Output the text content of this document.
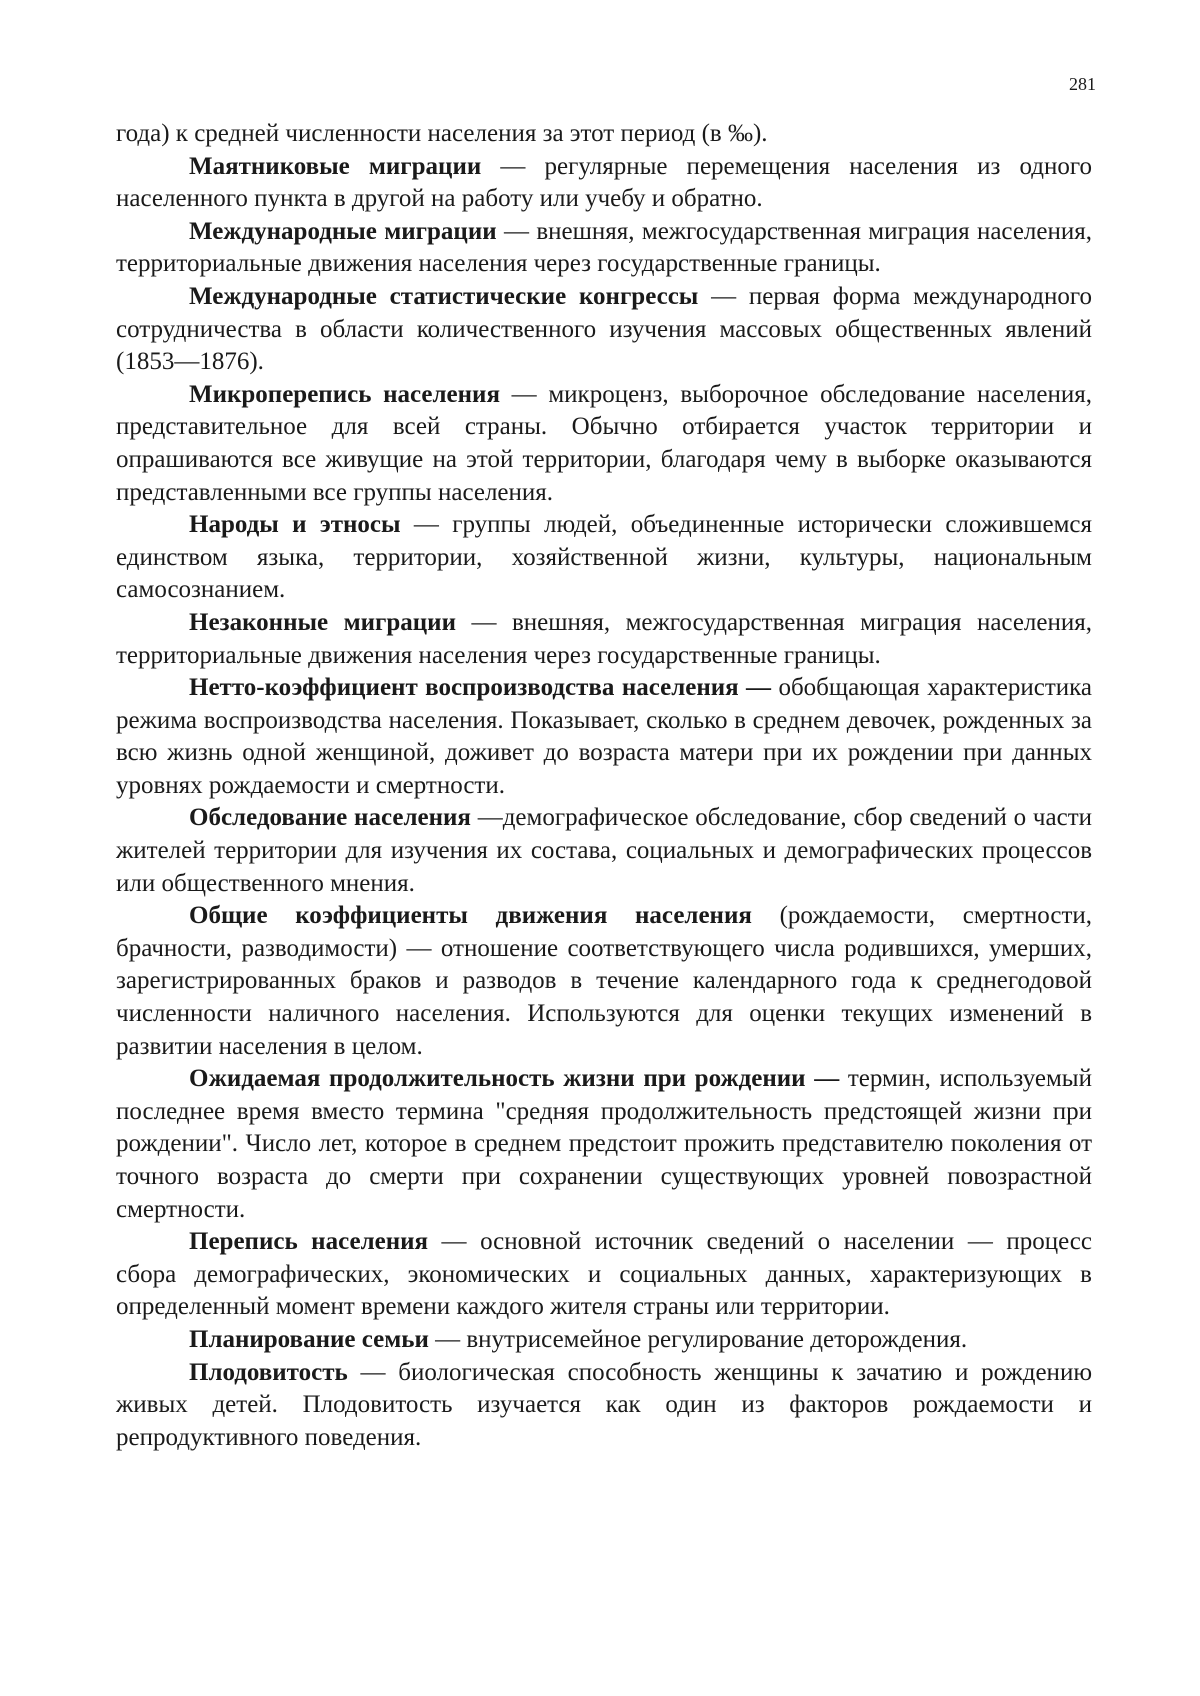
281

года) к средней численности населения за этот период (в ‰).

Маятниковые миграции — регулярные перемещения населения из одного населенного пункта в другой на работу или учебу и обратно.

Международные миграции — внешняя, межгосударственная миграция населения, территориальные движения населения через государственные границы.

Международные статистические конгрессы — первая форма международного сотрудничества в области количественного изучения массовых общественных явлений (1853—1876).

Микроперепись населения — микроценз, выборочное обследование населения, представительное для всей страны. Обычно отбирается участок территории и опрашиваются все живущие на этой территории, благодаря чему в выборке оказываются представленными все группы населения.

Народы и этносы — группы людей, объединенные исторически сложившемся единством языка, территории, хозяйственной жизни, культуры, национальным самосознанием.

Незаконные миграции — внешняя, межгосударственная миграция населения, территориальные движения населения через государственные границы.

Нетто-коэффициент воспроизводства населения — обобщающая характеристика режима воспроизводства населения. Показывает, сколько в среднем девочек, рожденных за всю жизнь одной женщиной, доживет до возраста матери при их рождении при данных уровнях рождаемости и смертности.

Обследование населения —демографическое обследование, сбор сведений о части жителей территории для изучения их состава, социальных и демографических процессов или общественного мнения.

Общие коэффициенты движения населения (рождаемости, смертности, брачности, разводимости) — отношение соответствующего числа родившихся, умерших, зарегистрированных браков и разводов в течение календарного года к среднегодовой численности наличного населения. Используются для оценки текущих изменений в развитии населения в целом.

Ожидаемая продолжительность жизни при рождении — термин, используемый последнее время вместо термина "средняя продолжительность предстоящей жизни при рождении". Число лет, которое в среднем предстоит прожить представителю поколения от точного возраста до смерти при сохранении существующих уровней повозрастной смертности.

Перепись населения — основной источник сведений о населении — процесс сбора демографических, экономических и социальных данных, характеризующих в определенный момент времени каждого жителя страны или территории.

Планирование семьи — внутрисемейное регулирование деторождения.

Плодовитость — биологическая способность женщины к зачатию и рождению живых детей. Плодовитость изучается как один из факторов рождаемости и репродуктивного поведения.
